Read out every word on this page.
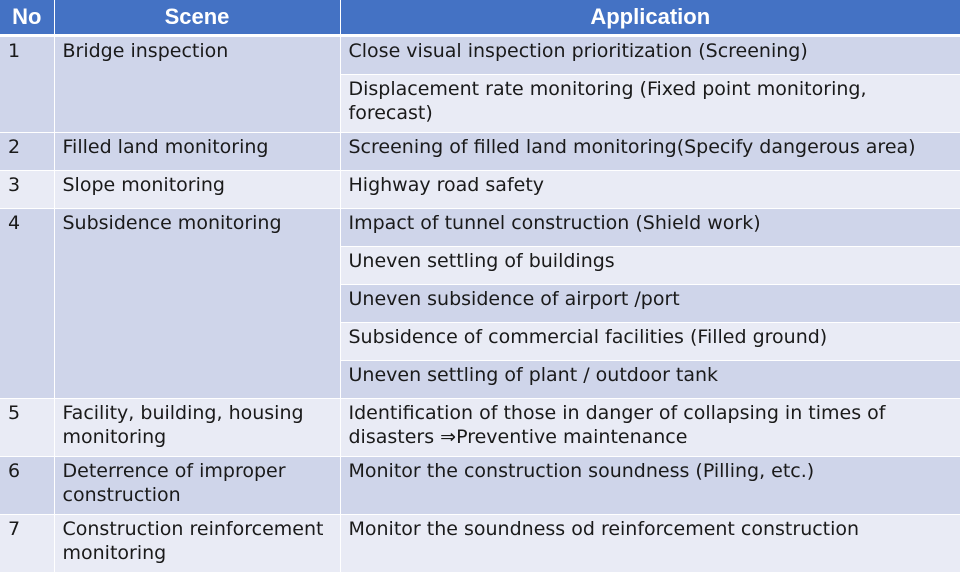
No	Scene	Application
1	Bridge inspection	Close visual inspection prioritization (Screening)
		Displacement rate monitoring (Fixed point monitoring, forecast)
2	Filled land monitoring	Screening of filled land monitoring(Specify dangerous area)
3	Slope monitoring	Highway road safety
4	Subsidence monitoring	Impact of tunnel construction (Shield work)
		Uneven settling of buildings
		Uneven subsidence of airport /port
		Subsidence of commercial facilities (Filled ground)
		Uneven settling of plant / outdoor tank
5	Facility, building, housing monitoring	Identification of those in danger of collapsing in times of disasters ⇒Preventive maintenance
6	Deterrence of improper construction	Monitor the construction soundness (Pilling, etc.)
7	Construction reinforcement monitoring	Monitor the soundness od reinforcement construction
